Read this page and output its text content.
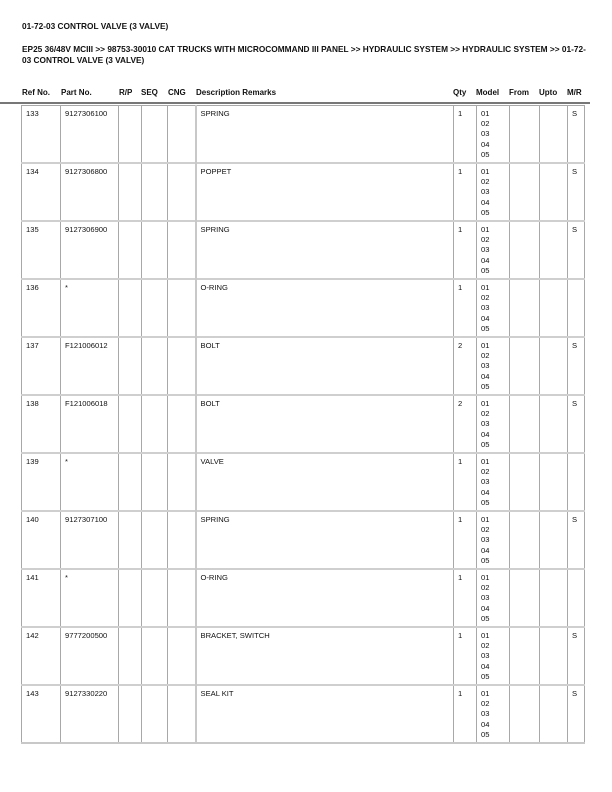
01-72-03 CONTROL VALVE (3 VALVE)
EP25 36/48V MCIII >> 98753-30010 CAT TRUCKS WITH MICROCOMMAND III PANEL >> HYDRAULIC SYSTEM >> HYDRAULIC SYSTEM >> 01-72-03 CONTROL VALVE (3 VALVE)
Ref No. Part No.	R/P SEQ CNG Description Remarks	Qty Model From Upto M/R
133	9127306100				SPRING	1	01
02
03
04
05			S
134	9127306800				POPPET	1	01
02
03
04
05			S
135	9127306900				SPRING	1	01
02
03
04
05			S
136	*				O-RING	1	01
02
03
04
05			

137	F121006012				BOLT	2	01
02
03
04
05			S
138	F121006018				BOLT	2	01
02
03
04
05			S
139	*				VALVE	1	01
02
03
04
05			

140	9127307100				SPRING	1	01
02
03
04
05			S
141	*				O-RING	1	01
02
03
04
05			

142	9777200500				BRACKET, SWITCH	1	01
02
03
04
05			S
143	9127330220				SEAL KIT	1	01
02
03
04
05			S
